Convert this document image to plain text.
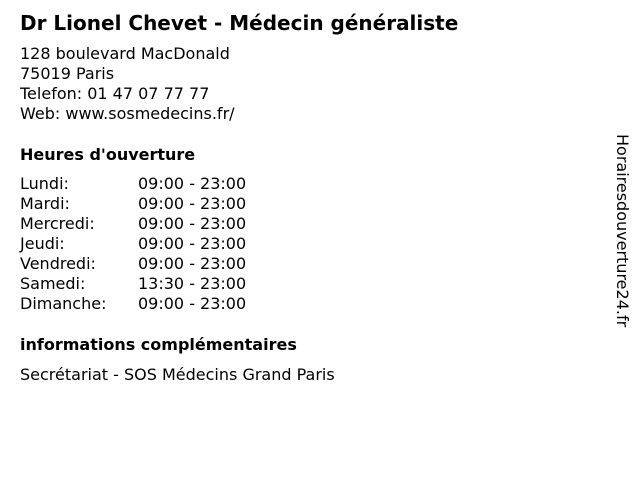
Dr Lionel Chevet - Médecin généraliste
128 boulevard MacDonald
75019 Paris
Telefon: 01 47 07 77 77
Web: www.sosmedecins.fr/
Heures d'ouverture
Lundi:	09:00 - 23:00
Mardi:	09:00 - 23:00
Mercredi:	09:00 - 23:00
Jeudi:	09:00 - 23:00
Vendredi:	09:00 - 23:00
Samedi:	13:30 - 23:00
Dimanche:	09:00 - 23:00
informations complémentaires
Secrétariat - SOS Médecins Grand Paris
Horairesdouverture24.fr
